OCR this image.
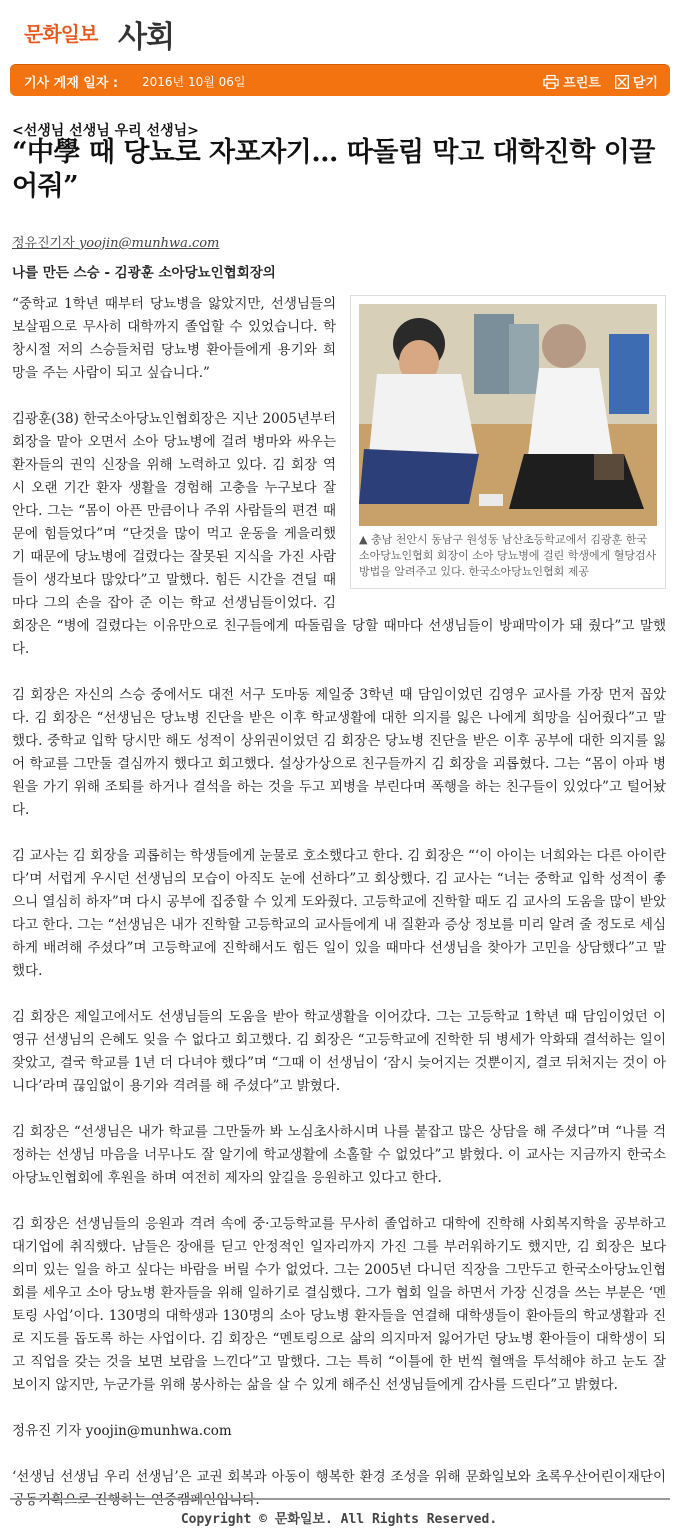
문화일보 사회
기사 게재 일자 : 2016년 10월 06일	프린트 닫기
<선생님 선생님 우리 선생님>
“中學 때 당뇨로 자포자기… 따돌림 막고 대학진학 이끌어줘”
정유진기자 yoojin@munhwa.com
나를 만든 스승 - 김광훈 소아당뇨인협회장의
▲ 충남 천안시 동남구 원성동 남산초등학교에서 김광훈 한국소아당뇨인협회 회장이 소아 당뇨병에 걸린 학생에게 혈당검사방법을 알려주고 있다. 한국소아당뇨인협회 제공

“중학교 1학년 때부터 당뇨병을 앓았지만, 선생님들의 보살핌으로 무사히 대학까지 졸업할 수 있었습니다. 학창시절 저의 스승들처럼 당뇨병 환아들에게 용기와 희망을 주는 사람이 되고 싶습니다.”

김광훈(38) 한국소아당뇨인협회장은 지난 2005년부터 회장을 맡아 오면서 소아 당뇨병에 걸려 병마와 싸우는 환자들의 권익 신장을 위해 노력하고 있다. 김 회장 역시 오랜 기간 환자 생활을 경험해 고충을 누구보다 잘 안다. 그는 “몸이 아픈 만큼이나 주위 사람들의 편견 때문에 힘들었다”며 “단것을 많이 먹고 운동을 게을리했기 때문에 당뇨병에 걸렸다는 잘못된 지식을 가진 사람들이 생각보다 많았다”고 말했다. 힘든 시간을 견딜 때마다 그의 손을 잡아 준 이는 학교 선생님들이었다. 김 회장은 “병에 걸렸다는 이유만으로 친구들에게 따돌림을 당할 때마다 선생님들이 방패막이가 돼 줬다”고 말했다.

김 회장은 자신의 스승 중에서도 대전 서구 도마동 제일중 3학년 때 담임이었던 김영우 교사를 가장 먼저 꼽았다. 김 회장은 “선생님은 당뇨병 진단을 받은 이후 학교생활에 대한 의지를 잃은 나에게 희망을 심어줬다”고 말했다. 중학교 입학 당시만 해도 성적이 상위권이었던 김 회장은 당뇨병 진단을 받은 이후 공부에 대한 의지를 잃어 학교를 그만둘 결심까지 했다고 회고했다. 설상가상으로 친구들까지 김 회장을 괴롭혔다. 그는 “몸이 아파 병원을 가기 위해 조퇴를 하거나 결석을 하는 것을 두고 꾀병을 부린다며 폭행을 하는 친구들이 있었다”고 털어놨다.

김 교사는 김 회장을 괴롭히는 학생들에게 눈물로 호소했다고 한다. 김 회장은 “‘이 아이는 너희와는 다른 아이란다’며 서럽게 우시던 선생님의 모습이 아직도 눈에 선하다”고 회상했다. 김 교사는 “너는 중학교 입학 성적이 좋으니 열심히 하자”며 다시 공부에 집중할 수 있게 도와줬다. 고등학교에 진학할 때도 김 교사의 도움을 많이 받았다고 한다. 그는 “선생님은 내가 진학할 고등학교의 교사들에게 내 질환과 증상 정보를 미리 알려 줄 정도로 세심하게 배려해 주셨다”며 고등학교에 진학해서도 힘든 일이 있을 때마다 선생님을 찾아가 고민을 상담했다”고 말했다.

김 회장은 제일고에서도 선생님들의 도움을 받아 학교생활을 이어갔다. 그는 고등학교 1학년 때 담임이었던 이영규 선생님의 은혜도 잊을 수 없다고 회고했다. 김 회장은 “고등학교에 진학한 뒤 병세가 악화돼 결석하는 일이 잦았고, 결국 학교를 1년 더 다녀야 했다”며 “그때 이 선생님이 ‘잠시 늦어지는 것뿐이지, 결코 뒤처지는 것이 아니다’라며 끊임없이 용기와 격려를 해 주셨다”고 밝혔다.

김 회장은 “선생님은 내가 학교를 그만둘까 봐 노심초사하시며 나를 붙잡고 많은 상담을 해 주셨다”며 “나를 걱정하는 선생님 마음을 너무나도 잘 알기에 학교생활에 소홀할 수 없었다”고 밝혔다. 이 교사는 지금까지 한국소아당뇨인협회에 후원을 하며 여전히 제자의 앞길을 응원하고 있다고 한다.

김 회장은 선생님들의 응원과 격려 속에 중·고등학교를 무사히 졸업하고 대학에 진학해 사회복지학을 공부하고 대기업에 취직했다. 남들은 장애를 딛고 안정적인 일자리까지 가진 그를 부러워하기도 했지만, 김 회장은 보다 의미 있는 일을 하고 싶다는 바람을 버릴 수가 없었다. 그는 2005년 다니던 직장을 그만두고 한국소아당뇨인협회를 세우고 소아 당뇨병 환자들을 위해 일하기로 결심했다. 그가 협회 일을 하면서 가장 신경을 쓰는 부분은 ‘멘토링 사업’이다. 130명의 대학생과 130명의 소아 당뇨병 환자들을 연결해 대학생들이 환아들의 학교생활과 진로 지도를 돕도록 하는 사업이다. 김 회장은 “멘토링으로 삶의 의지마저 잃어가던 당뇨병 환아들이 대학생이 되고 직업을 갖는 것을 보면 보람을 느낀다”고 말했다. 그는 특히 “이틀에 한 번씩 혈액을 투석해야 하고 눈도 잘 보이지 않지만, 누군가를 위해 봉사하는 삶을 살 수 있게 해주신 선생님들에게 감사를 드린다”고 밝혔다.

정유진 기자 yoojin@munhwa.com

‘선생님 선생님 우리 선생님’은 교권 회복과 아동이 행복한 환경 조성을 위해 문화일보와 초록우산어린이재단이 공동기획으로 진행하는 연중캠페인입니다.

Copyright © 문화일보. All Rights Reserved.
